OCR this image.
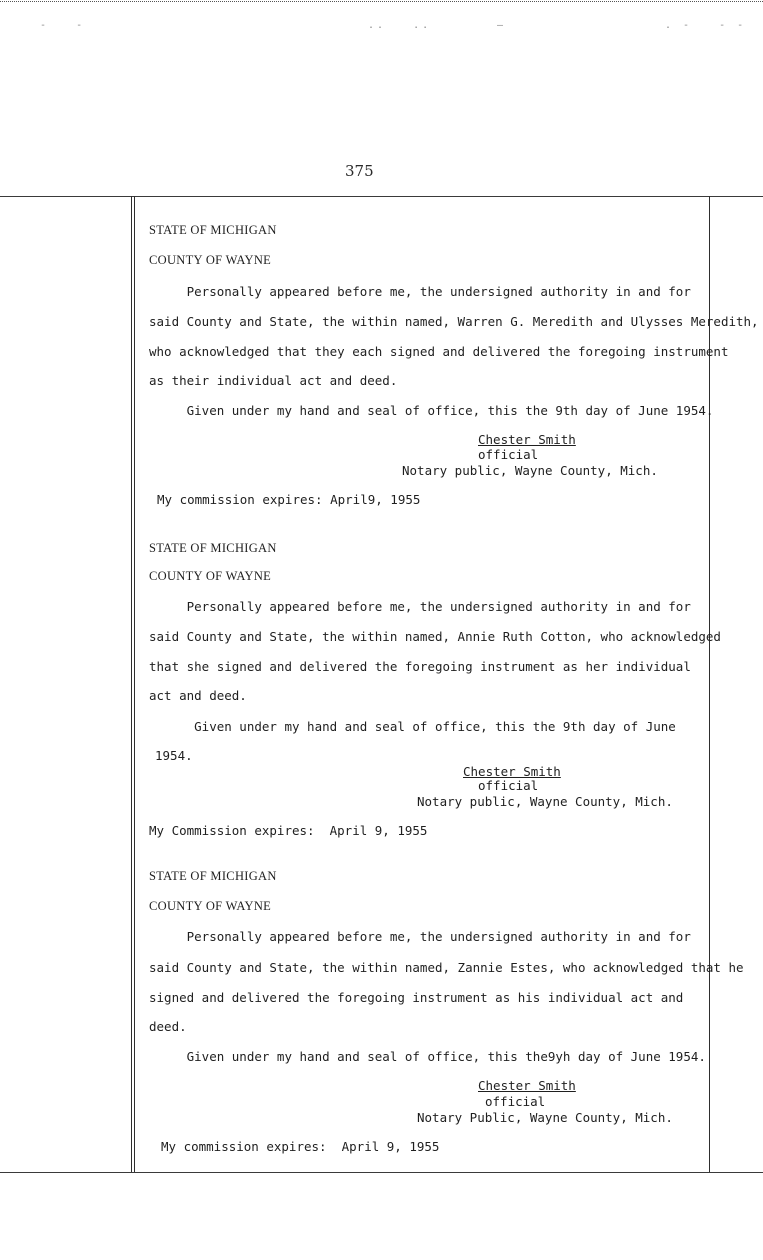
-   -	..   ..	—	. -   - -
375
STATE OF MICHIGAN
COUNTY OF WAYNE
Personally appeared before me, the undersigned authority in and for
said County and State, the within named, Warren G. Meredith and Ulysses Meredith,
who acknowledged that they each signed and delivered the foregoing instrument
as their individual act and deed.
Given under my hand and seal of office, this the 9th day of June 1954.
Chester Smith
official
Notary public, Wayne County, Mich.
My commission expires: April9, 1955
STATE OF MICHIGAN
COUNTY OF WAYNE
Personally appeared before me, the undersigned authority in and for
said County and State, the within named, Annie Ruth Cotton, who acknowledged
that she signed and delivered the foregoing instrument as her individual
act and deed.
Given under my hand and seal of office, this the 9th day of June
1954.
Chester Smith
official
Notary public, Wayne County, Mich.
My Commission expires:  April 9, 1955
STATE OF MICHIGAN
COUNTY OF WAYNE
Personally appeared before me, the undersigned authority in and for
said County and State, the within named, Zannie Estes, who acknowledged that he
signed and delivered the foregoing instrument as his individual act and
deed.
Given under my hand and seal of office, this the9yh day of June 1954.
Chester Smith
official
Notary Public, Wayne County, Mich.
My commission expires:  April 9, 1955
